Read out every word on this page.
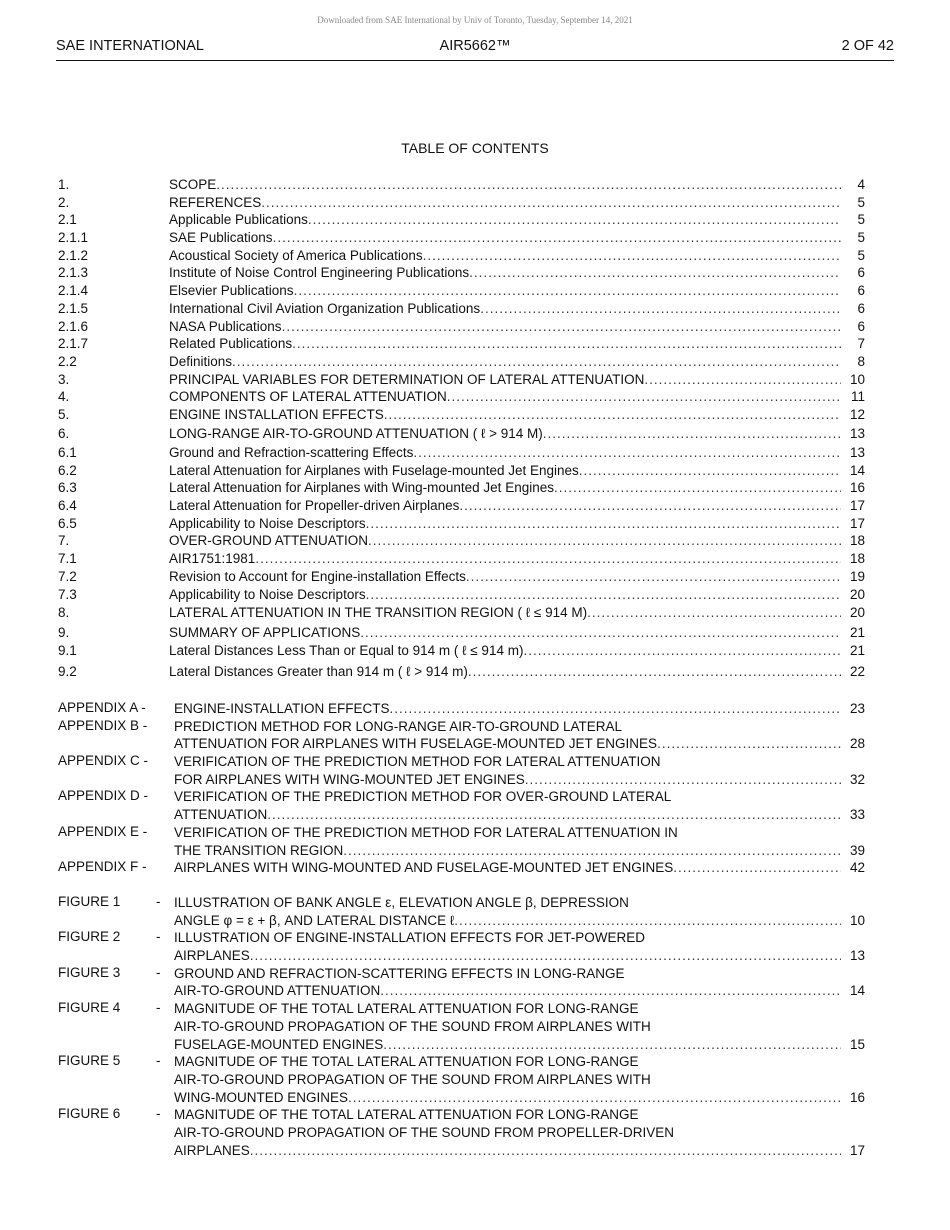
Downloaded from SAE International by Univ of Toronto, Tuesday, September 14, 2021
SAE INTERNATIONAL	AIR5662™	2 OF 42
TABLE OF CONTENTS
1.	SCOPE .....	4
2.	REFERENCES .....	5
2.1	Applicable Publications .....	5
2.1.1	SAE Publications .....	5
2.1.2	Acoustical Society of America Publications .....	5
2.1.3	Institute of Noise Control Engineering Publications .....	6
2.1.4	Elsevier Publications .....	6
2.1.5	International Civil Aviation Organization Publications .....	6
2.1.6	NASA Publications .....	6
2.1.7	Related Publications .....	7
2.2	Definitions .....	8
3.	PRINCIPAL VARIABLES FOR DETERMINATION OF LATERAL ATTENUATION .....	10
4.	COMPONENTS OF LATERAL ATTENUATION .....	11
5.	ENGINE INSTALLATION EFFECTS .....	12
6.	LONG-RANGE AIR-TO-GROUND ATTENUATION ( ℓ > 914 M) .....	13
6.1	Ground and Refraction-scattering Effects .....	13
6.2	Lateral Attenuation for Airplanes with Fuselage-mounted Jet Engines .....	14
6.3	Lateral Attenuation for Airplanes with Wing-mounted Jet Engines .....	16
6.4	Lateral Attenuation for Propeller-driven Airplanes .....	17
6.5	Applicability to Noise Descriptors .....	17
7.	OVER-GROUND ATTENUATION .....	18
7.1	AIR1751:1981 .....	18
7.2	Revision to Account for Engine-installation Effects .....	19
7.3	Applicability to Noise Descriptors .....	20
8.	LATERAL ATTENUATION IN THE TRANSITION REGION ( ℓ ≤ 914 M) .....	20
9.	SUMMARY OF APPLICATIONS .....	21
9.1	Lateral Distances Less Than or Equal to 914 m ( ℓ ≤ 914 m) .....	21
9.2	Lateral Distances Greater than 914 m ( ℓ > 914 m) .....	22
APPENDIX A - ENGINE-INSTALLATION EFFECTS .....	23
APPENDIX B - PREDICTION METHOD FOR LONG-RANGE AIR-TO-GROUND LATERAL
ATTENUATION FOR AIRPLANES WITH FUSELAGE-MOUNTED JET ENGINES .....	28
APPENDIX C - VERIFICATION OF THE PREDICTION METHOD FOR LATERAL ATTENUATION
FOR AIRPLANES WITH WING-MOUNTED JET ENGINES .....	32
APPENDIX D - VERIFICATION OF THE PREDICTION METHOD FOR OVER-GROUND LATERAL
ATTENUATION .....	33
APPENDIX E - VERIFICATION OF THE PREDICTION METHOD FOR LATERAL ATTENUATION IN
THE TRANSITION REGION .....	39
APPENDIX F - AIRPLANES WITH WING-MOUNTED AND FUSELAGE-MOUNTED JET ENGINES .....	42
FIGURE 1	- ILLUSTRATION OF BANK ANGLE ε, ELEVATION ANGLE β, DEPRESSION
ANGLE φ = ε + β, AND LATERAL DISTANCE ℓ .....	10
FIGURE 2	- ILLUSTRATION OF ENGINE-INSTALLATION EFFECTS FOR JET-POWERED
AIRPLANES .....	13
FIGURE 3	- GROUND AND REFRACTION-SCATTERING EFFECTS IN LONG-RANGE
AIR-TO-GROUND ATTENUATION .....	14
FIGURE 4	- MAGNITUDE OF THE TOTAL LATERAL ATTENUATION FOR LONG-RANGE
AIR-TO-GROUND PROPAGATION OF THE SOUND FROM AIRPLANES WITH
FUSELAGE-MOUNTED ENGINES .....	15
FIGURE 5	- MAGNITUDE OF THE TOTAL LATERAL ATTENUATION FOR LONG-RANGE
AIR-TO-GROUND PROPAGATION OF THE SOUND FROM AIRPLANES WITH
WING-MOUNTED ENGINES .....	16
FIGURE 6	- MAGNITUDE OF THE TOTAL LATERAL ATTENUATION FOR LONG-RANGE
AIR-TO-GROUND PROPAGATION OF THE SOUND FROM PROPELLER-DRIVEN
AIRPLANES .....	17
